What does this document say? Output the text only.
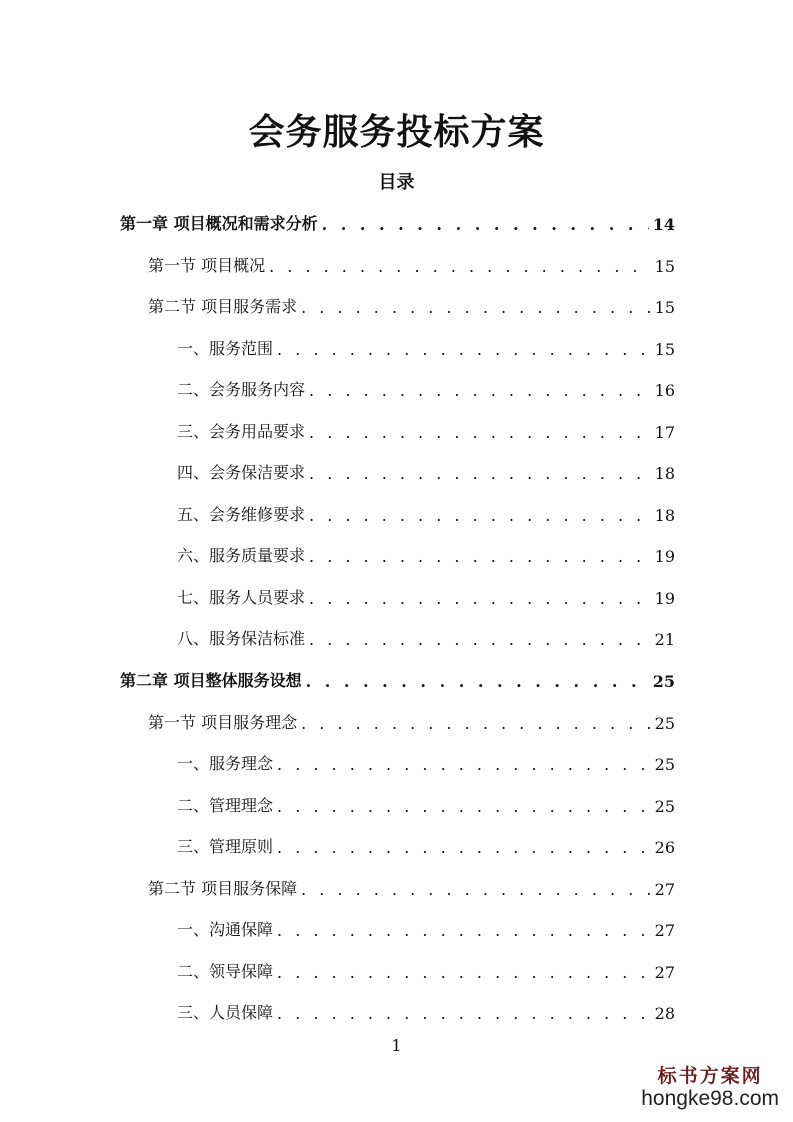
会务服务投标方案
目录
第一章 项目概况和需求分析 . . .	14
第一节 项目概况 . . .	15
第二节 项目服务需求 . . .	15
一、服务范围 . . .	15
二、会务服务内容 . . .	16
三、会务用品要求 . . .	17
四、会务保洁要求 . . .	18
五、会务维修要求 . . .	18
六、服务质量要求 . . .	19
七、服务人员要求 . . .	19
八、服务保洁标准 . . .	21
第二章 项目整体服务设想 . . .	25
第一节 项目服务理念 . . .	25
一、服务理念 . . .	25
二、管理理念 . . .	25
三、管理原则 . . .	26
第二节 项目服务保障 . . .	27
一、沟通保障 . . .	27
二、领导保障 . . .	27
三、人员保障 . . .	28

1

标书方案网
hongke98.com
